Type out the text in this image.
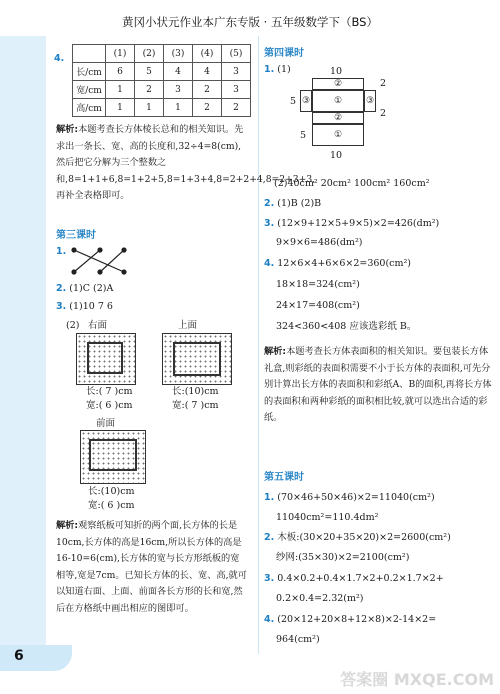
黄冈小状元作业本广东专版 · 五年级数学下（BS）
4.
		(1)	(2)	(3)	(4)	(5)
长/cm	6	5	4	4	3
宽/cm	1	2	3	2	3
高/cm	1	1	1	2	2
解析:本题考查长方体棱长总和的相关知识。先求出一条长、宽、高的长度和,32÷4=8(cm),然后把它分解为三个整数之和,8=1+1+6,8=1+2+5,8=1+3+4,8=2+2+4,8=2+3+3,再补全表格即可。
第三课时
1.
2. (1)C (2)A
3. (1)10 7 6
(2) 右面
长:( 7 )cm
宽:( 6 )cm
上面
长:(10)cm
宽:( 7 )cm
前面
长:(10)cm
宽:( 6 )cm
解析:观察纸板可知折的两个面,长方体的长是10cm,长方体的高是16cm,所以长方体的高是16-10=6(cm),长方体的宽与长方形纸板的宽相等,宽是7cm。已知长方体的长、宽、高,就可以知道右面、上面、前面各长方形的长和宽,然后在方格纸中画出相应的图即可。
第四课时
1. (1)	10
②
③	①	③
②
①
2
2
5
5
10
(2)40cm² 20cm² 100cm² 160cm²
2. (1)B (2)B
3. (12×9+12×5+9×5)×2=426(dm²)
9×9×6=486(dm²)
4. 12×6×4+6×6×2=360(cm²)
18×18=324(cm²)
24×17=408(cm²)
324<360<408 应该选彩纸 B。
解析:本题考查长方体表面积的相关知识。要包装长方体礼盒,则彩纸的表面积需要不小于长方体的表面积,可先分别计算出长方体的表面积和彩纸A、B的面积,再将长方体的表面积和两种彩纸的面积相比较,就可以选出合适的彩纸。
第五课时
1. (70×46+50×46)×2=11040(cm²)
11040cm²=110.4dm²
2. 木板:(30×20+35×20)×2=2600(cm²)
纱网:(35×30)×2=2100(cm²)
3. 0.4×0.2+0.4×1.7×2+0.2×1.7×2+
0.2×0.4=2.32(m²)
4. (20×12+20×8+12×8)×2-14×2=
964(cm²)
6
答案圈 MXQE.COM
